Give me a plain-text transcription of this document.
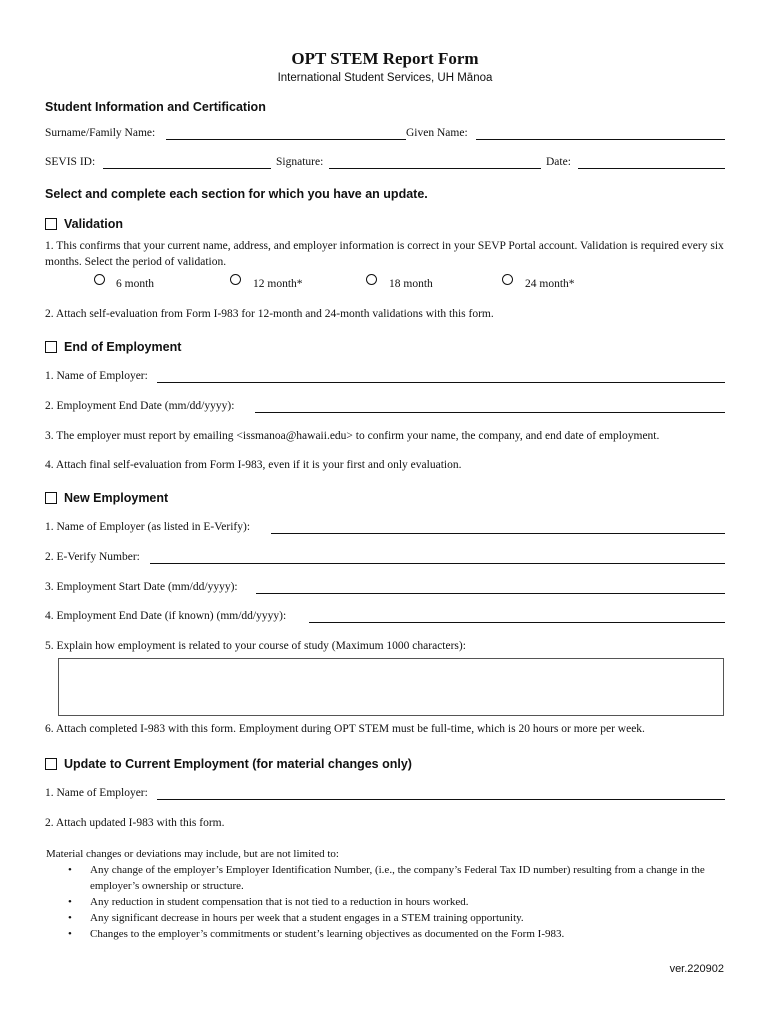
OPT STEM Report Form
International Student Services, UH Mānoa
Student Information and Certification
Surname/Family Name:	Given Name:
SEVIS ID:	Signature:	Date:
Select and complete each section for which you have an update.
Validation
1. This confirms that your current name, address, and employer information is correct in your SEVP Portal account. Validation is required every six months. Select the period of validation.
6 month	12 month*	18 month	24 month*
2. Attach self-evaluation from Form I-983 for 12-month and 24-month validations with this form.
End of Employment
1. Name of Employer:
2. Employment End Date (mm/dd/yyyy):
3. The employer must report by emailing <issmanoa@hawaii.edu> to confirm your name, the company, and end date of employment.
4. Attach final self-evaluation from Form I-983, even if it is your first and only evaluation.
New Employment
1. Name of Employer (as listed in E-Verify):
2. E-Verify Number:
3. Employment Start Date (mm/dd/yyyy):
4. Employment End Date (if known) (mm/dd/yyyy):
5. Explain how employment is related to your course of study (Maximum 1000 characters):
6. Attach completed I-983 with this form. Employment during OPT STEM must be full-time, which is 20 hours or more per week.
Update to Current Employment (for material changes only)
1. Name of Employer:
2. Attach updated I-983 with this form.
Material changes or deviations may include, but are not limited to:
• Any change of the employer’s Employer Identification Number, (i.e., the company’s Federal Tax ID number) resulting from a change in the employer’s ownership or structure.
• Any reduction in student compensation that is not tied to a reduction in hours worked.
• Any significant decrease in hours per week that a student engages in a STEM training opportunity.
• Changes to the employer’s commitments or student’s learning objectives as documented on the Form I-983.
ver.220902
